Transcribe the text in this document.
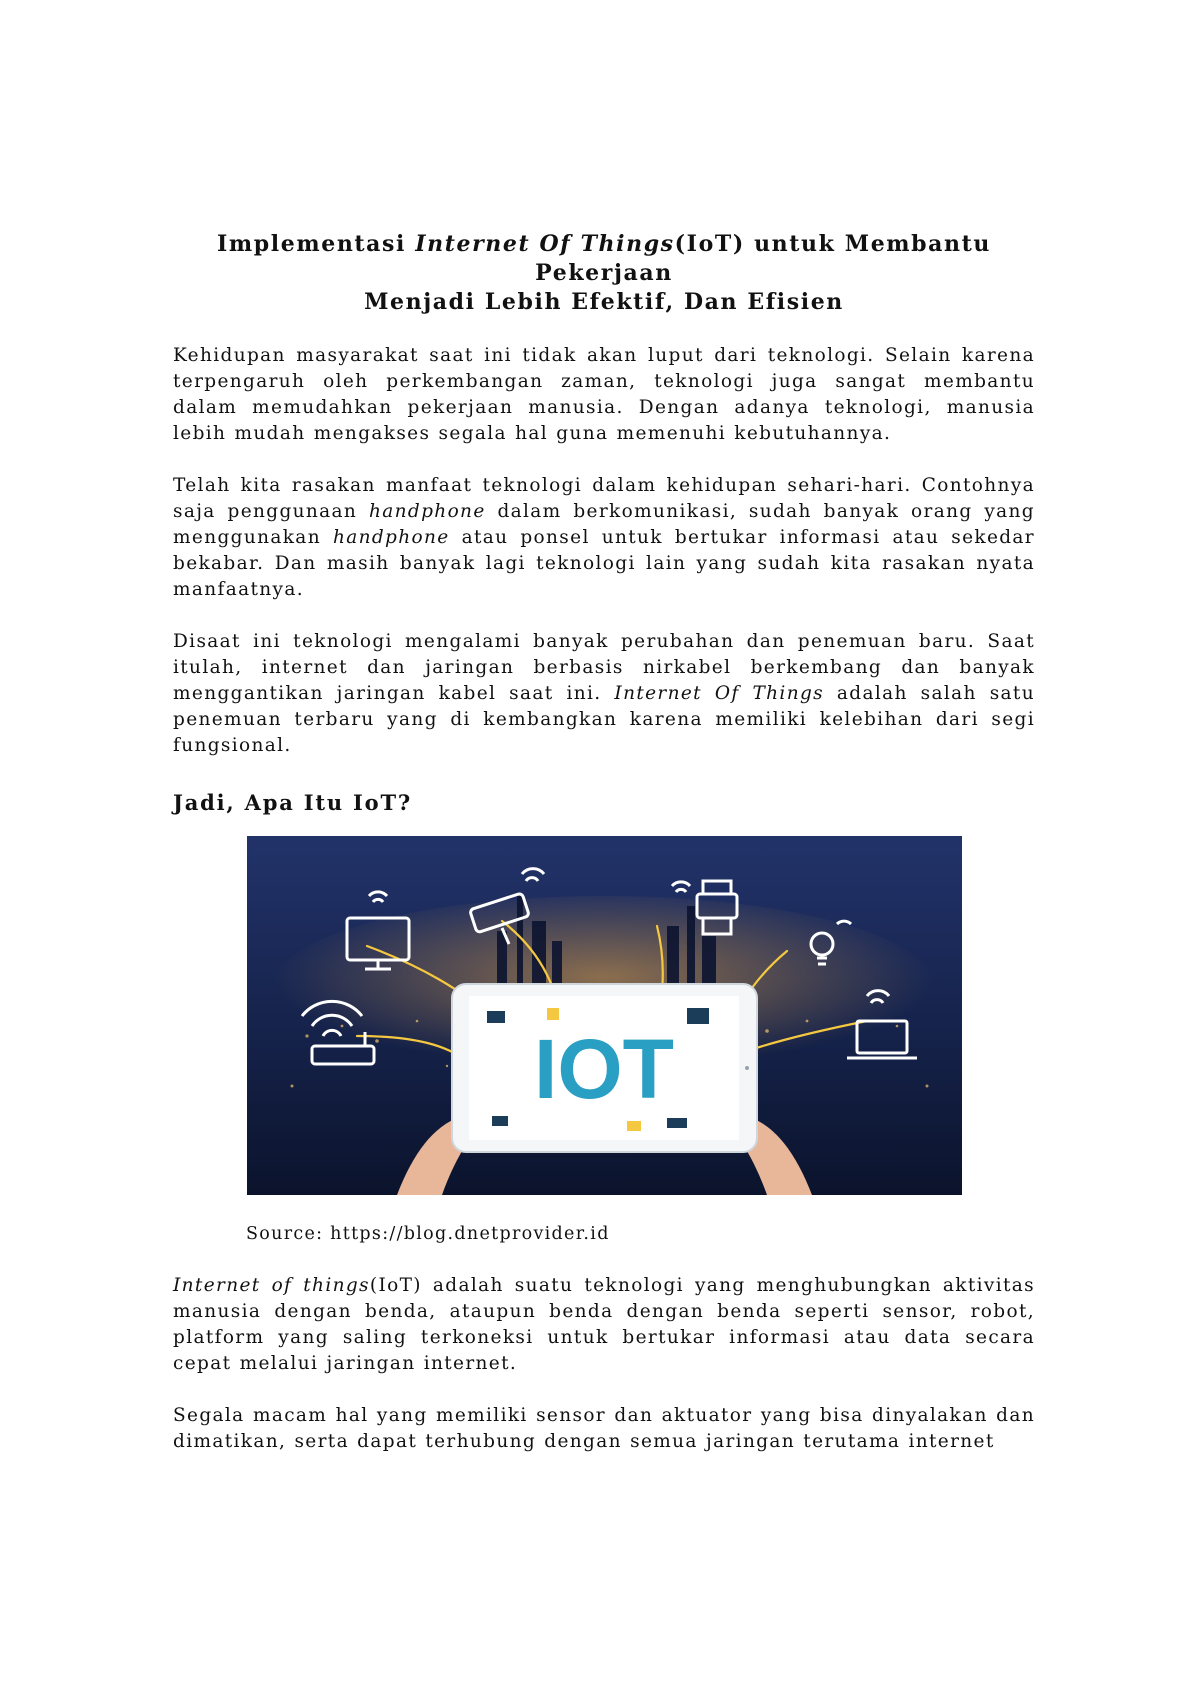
Implementasi Internet Of Things(IoT) untuk Membantu Pekerjaan
Menjadi Lebih Efektif, Dan Efisien

Kehidupan masyarakat saat ini tidak akan luput dari teknologi. Selain karena terpengaruh oleh perkembangan zaman, teknologi juga sangat membantu dalam memudahkan pekerjaan manusia. Dengan adanya teknologi, manusia lebih mudah mengakses segala hal guna memenuhi kebutuhannya.

Telah kita rasakan manfaat teknologi dalam kehidupan sehari-hari. Contohnya saja penggunaan handphone dalam berkomunikasi, sudah banyak orang yang menggunakan handphone atau ponsel untuk bertukar informasi atau sekedar bekabar. Dan masih banyak lagi teknologi lain yang sudah kita rasakan nyata manfaatnya.

Disaat ini teknologi mengalami banyak perubahan dan penemuan baru. Saat itulah, internet dan jaringan berbasis nirkabel berkembang dan banyak menggantikan jaringan kabel saat ini. Internet Of Things adalah salah satu penemuan terbaru yang di kembangkan karena memiliki kelebihan dari segi fungsional.

Jadi, Apa Itu IoT?
IOT
Source: https://blog.dnetprovider.id

Internet of things(IoT) adalah suatu teknologi yang menghubungkan aktivitas manusia dengan benda, ataupun benda dengan benda seperti sensor, robot, platform yang saling terkoneksi untuk bertukar informasi atau data secara cepat melalui jaringan internet.

Segala macam hal yang memiliki sensor dan aktuator yang bisa dinyalakan dan dimatikan, serta dapat terhubung dengan semua jaringan terutama internet
